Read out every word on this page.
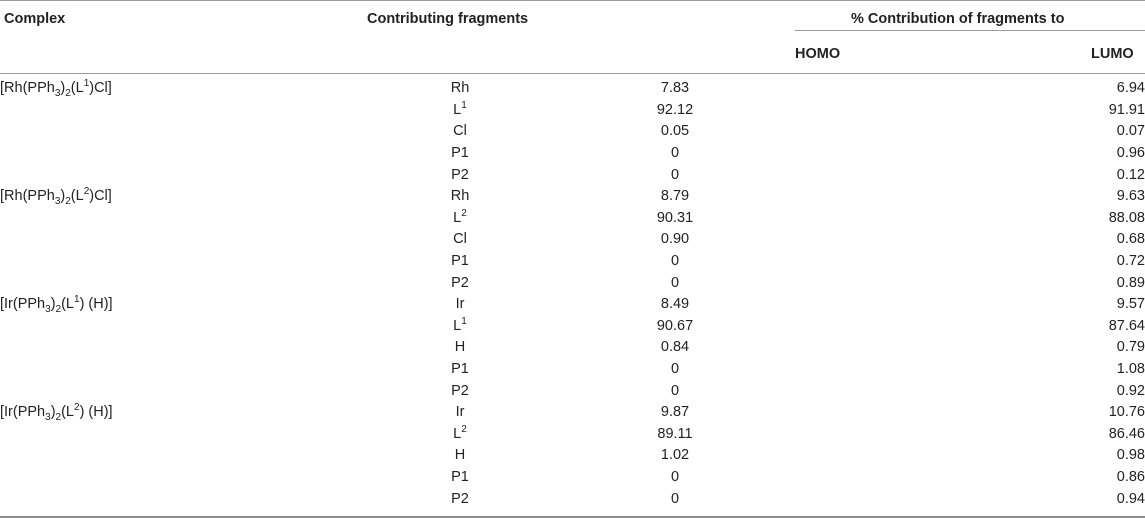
Complex	Contributing fragments	% Contribution of fragments to
HOMO	LUMO
$[Rh(PPh_3)_2(L^1)Cl]$	Rh	7.83	6.94
	$L^1$	92.12	91.91
	Cl	0.05	0.07
	P1	0	0.96
	P2	0	0.12
$[Rh(PPh_3)_2(L^2)Cl]$	Rh	8.79	9.63
	$L^2$	90.31	88.08
	Cl	0.90	0.68
	P1	0	0.72
	P2	0	0.89
[$Ir(PPh_3)_2(L^1)$ (H)]	Ir	8.49	9.57
	$L^1$	90.67	87.64
	H	0.84	0.79
	P1	0	1.08
	P2	0	0.92
[$Ir(PPh_3)_2(L^2)$ (H)]	Ir	9.87	10.76
	$L^2$	89.11	86.46
	H	1.02	0.98
	P1	0	0.86
	P2	0	0.94
